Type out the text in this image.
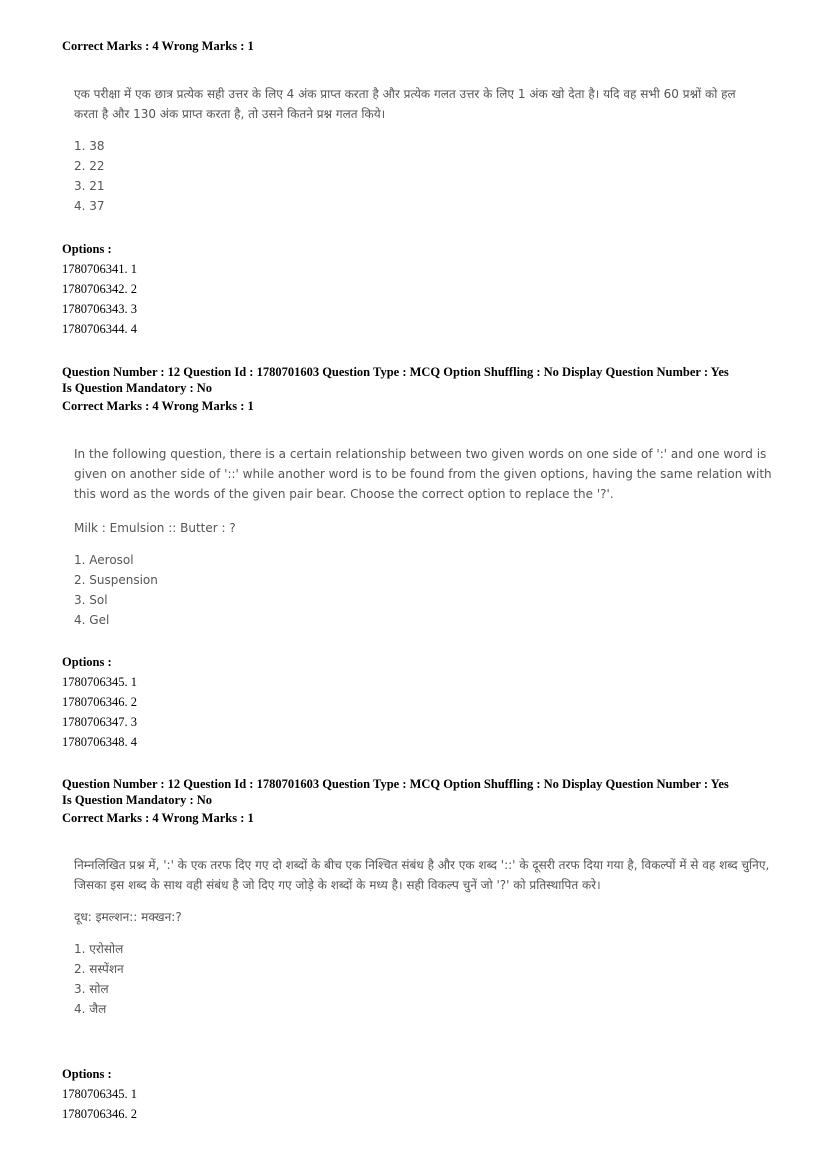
Correct Marks : 4 Wrong Marks : 1

एक परीक्षा में एक छात्र प्रत्येक सही उत्तर के लिए 4 अंक प्राप्त करता है और प्रत्येक गलत उत्तर के लिए 1 अंक खो देता है। यदि वह सभी 60 प्रश्नों को हल करता है और 130 अंक प्राप्त करता है, तो उसने कितने प्रश्न गलत किये।

1. 38
2. 22
3. 21
4. 37
Options :
1780706341. 1
1780706342. 2
1780706343. 3
1780706344. 4
Question Number : 12 Question Id : 1780701603 Question Type : MCQ Option Shuffling : No Display Question Number : Yes
Is Question Mandatory : No
Correct Marks : 4 Wrong Marks : 1
In the following question, there is a certain relationship between two given words on one side of ':' and one word is
given on another side of '::' while another word is to be found from the given options, having the same relation with
this word as the words of the given pair bear. Choose the correct option to replace the '?'.
Milk : Emulsion :: Butter : ?
1. Aerosol
2. Suspension
3. Sol
4. Gel
Options :
1780706345. 1
1780706346. 2
1780706347. 3
1780706348. 4
Question Number : 12 Question Id : 1780701603 Question Type : MCQ Option Shuffling : No Display Question Number : Yes
Is Question Mandatory : No
Correct Marks : 4 Wrong Marks : 1

निम्नलिखित प्रश्न में, ':' के एक तरफ दिए गए दो शब्दों के बीच एक निश्चित संबंध है और एक शब्द '::' के दूसरी तरफ दिया गया है, विकल्पों में से वह शब्द चुनिए, जिसका इस शब्द के साथ वही संबंध है जो दिए गए जोड़े के शब्दों के मध्य है। सही विकल्प चुनें जो '?' को प्रतिस्थापित करे।

दूध: इमल्शन:: मक्खन:?
1. एरोसोल
2. सस्पेंशन
3. सोल
4. जैल
Options :
1780706345. 1
1780706346. 2
